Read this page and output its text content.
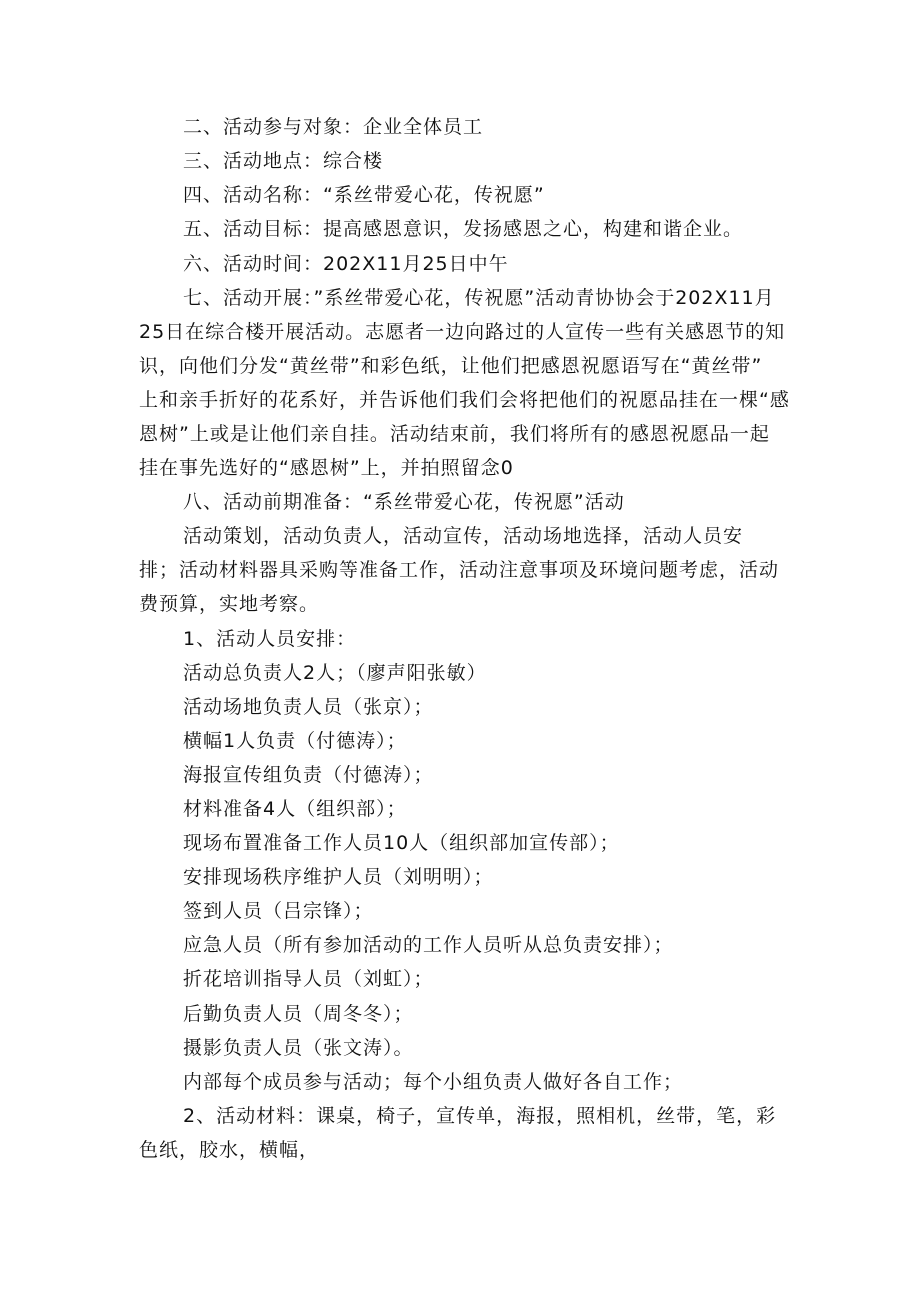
二、活动参与对象：企业全体员工
三、活动地点：综合楼
四、活动名称：“系丝带爱心花，传祝愿”
五、活动目标：提高感恩意识，发扬感恩之心，构建和谐企业。
六、活动时间：202X11月25日中午
七、活动开展：”系丝带爱心花，传祝愿”活动青协协会于202X11月
25日在综合楼开展活动。志愿者一边向路过的人宣传一些有关感恩节的知
识，向他们分发“黄丝带”和彩色纸，让他们把感恩祝愿语写在“黄丝带”
上和亲手折好的花系好，并告诉他们我们会将把他们的祝愿品挂在一棵“感
恩树”上或是让他们亲自挂。活动结束前，我们将所有的感恩祝愿品一起
挂在事先选好的“感恩树”上，并拍照留念0
八、活动前期准备：“系丝带爱心花，传祝愿”活动
活动策划，活动负责人，活动宣传，活动场地选择，活动人员安
排；活动材料器具采购等准备工作，活动注意事项及环境问题考虑，活动
费预算，实地考察。
1、活动人员安排：
活动总负责人2人；（廖声阳张敏）
活动场地负责人员（张京）；
横幅1人负责（付德涛）；
海报宣传组负责（付德涛）；
材料准备4人（组织部）；
现场布置准备工作人员10人（组织部加宣传部）；
安排现场秩序维护人员（刘明明）；
签到人员（吕宗锋）；
应急人员（所有参加活动的工作人员听从总负责安排）；
折花培训指导人员（刘虹）；
后勤负责人员（周冬冬）；
摄影负责人员（张文涛）。
内部每个成员参与活动；每个小组负责人做好各自工作；
2、活动材料：课桌，椅子，宣传单，海报，照相机，丝带，笔，彩
色纸，胶水，横幅，
